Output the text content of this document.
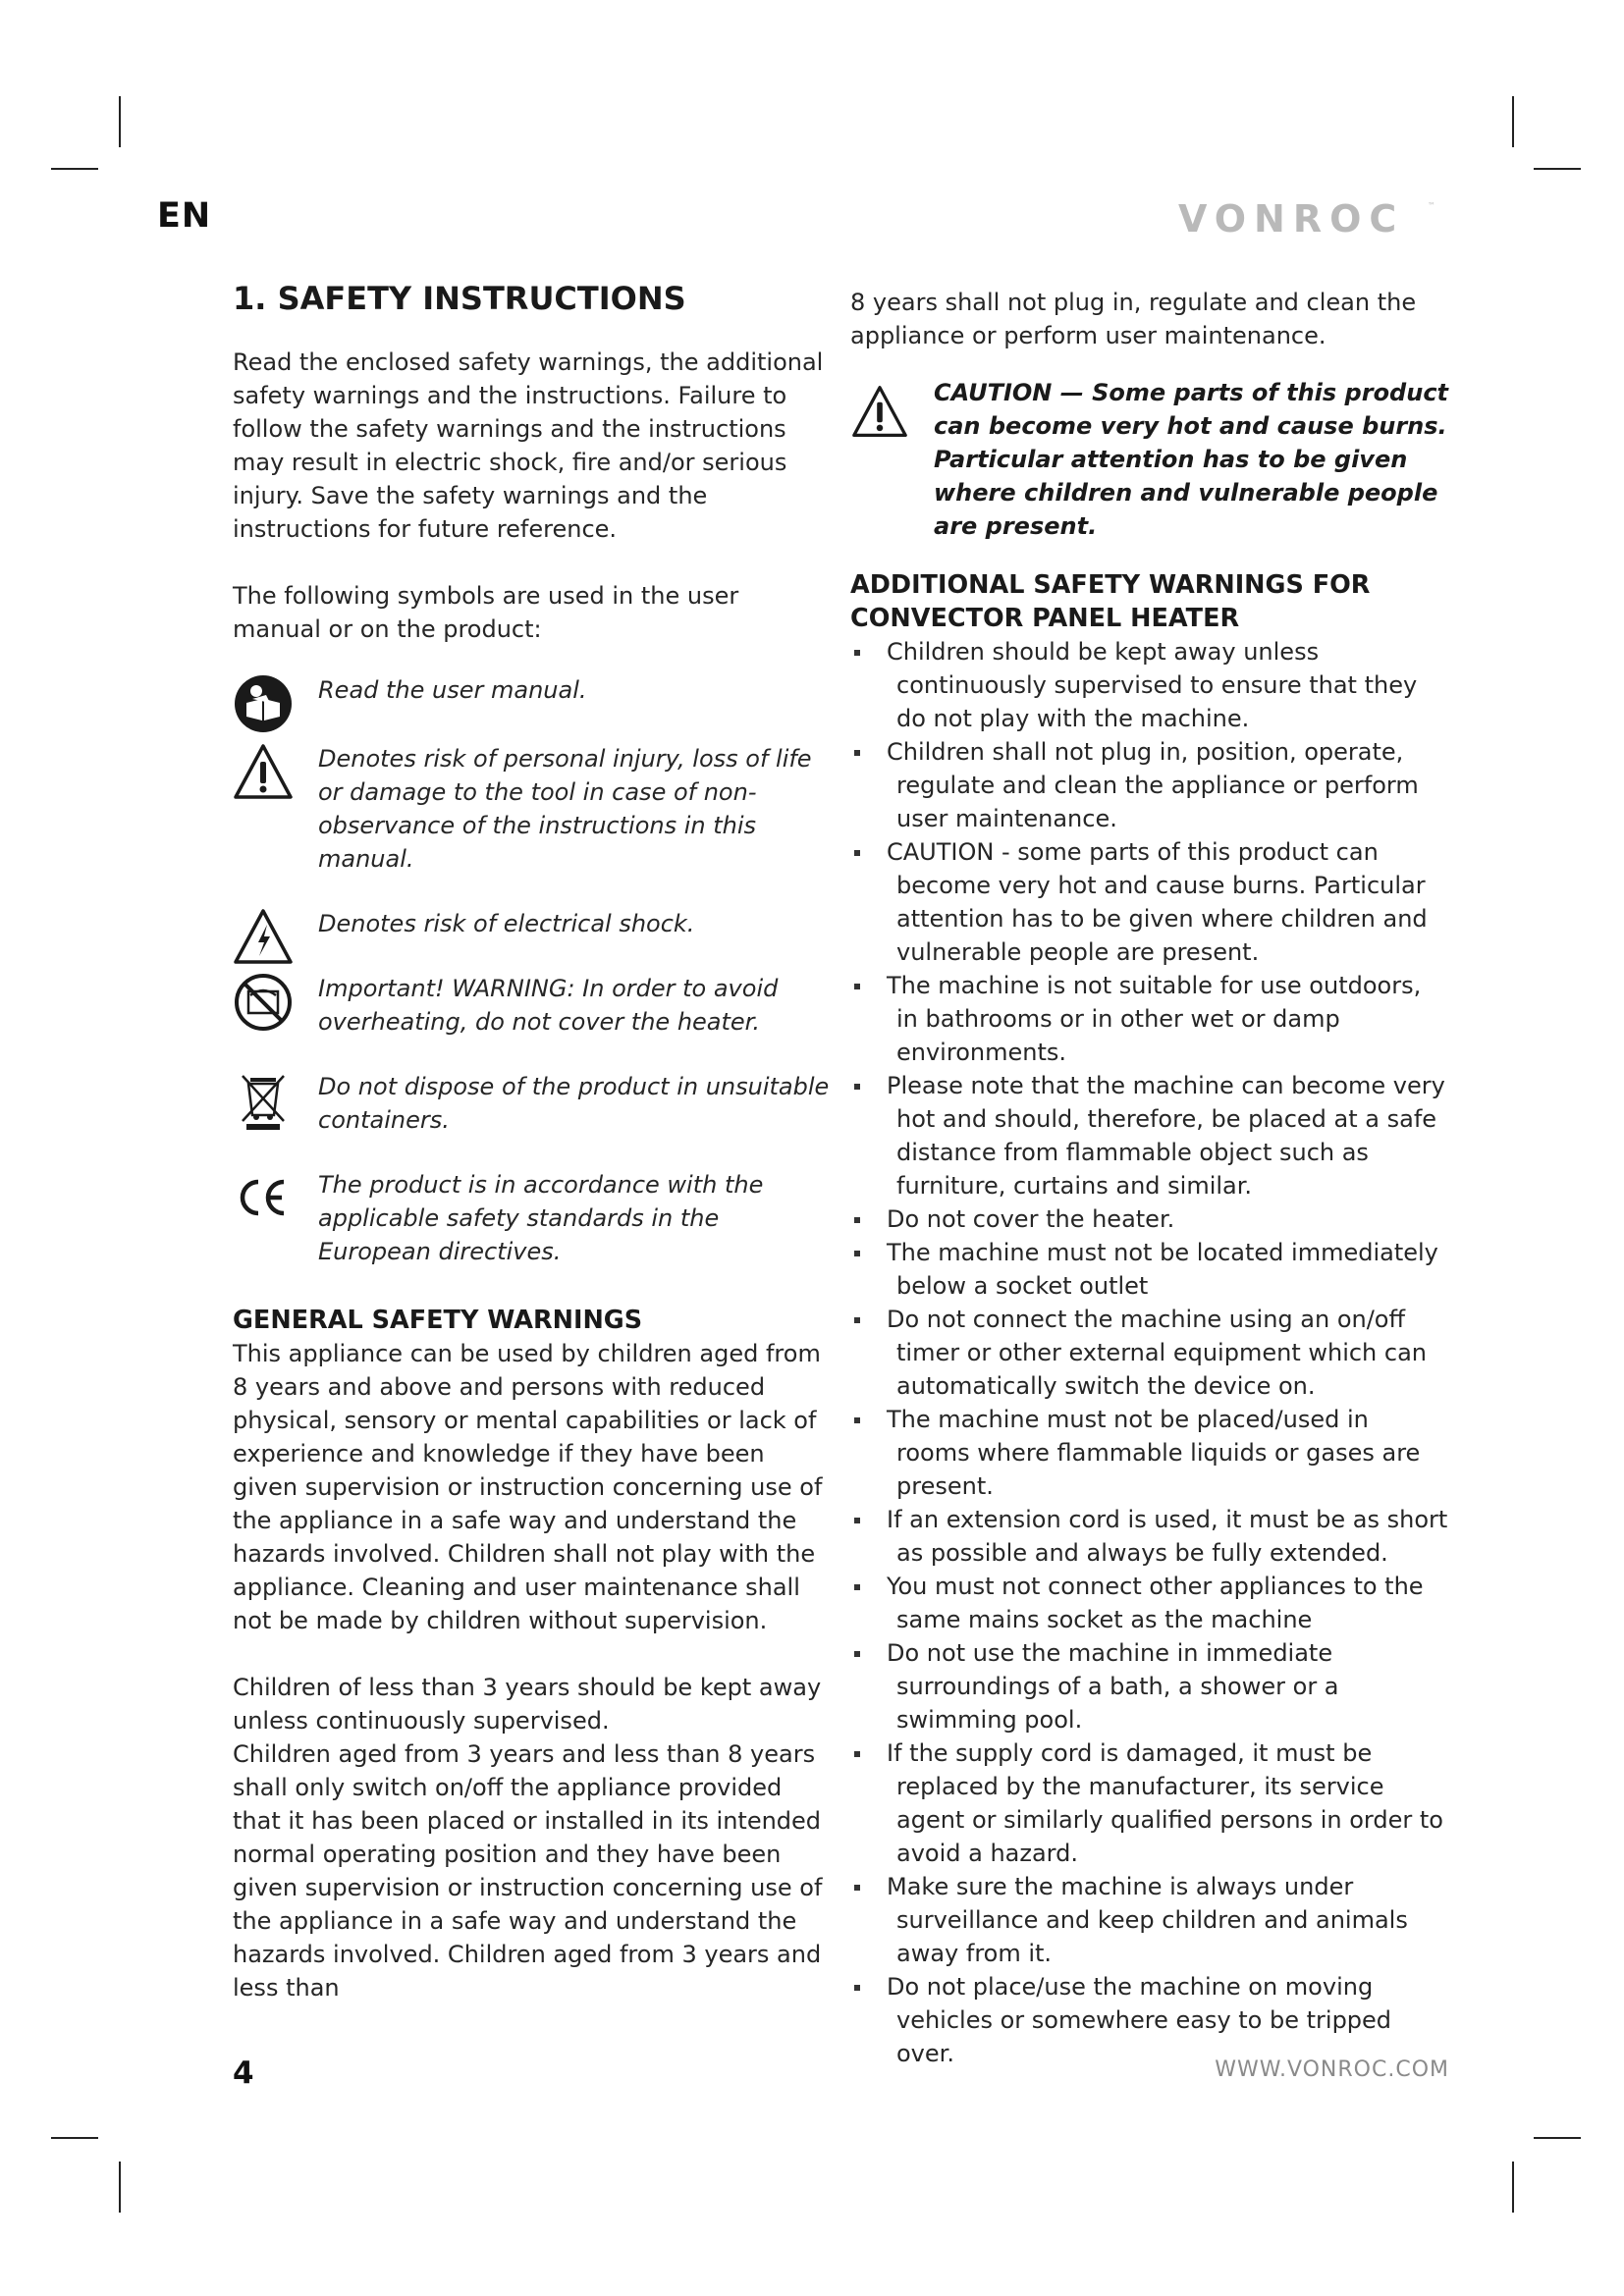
EN	VONROC	™
1. SAFETY INSTRUCTIONS

Read the enclosed safety warnings, the additional safety warnings and the instructions. Failure to follow the safety warnings and the instructions may result in electric shock, fire and/or serious injury. Save the safety warnings and the instructions for future reference.

The following symbols are used in the user manual or on the product:

Read the user manual.
Denotes risk of personal injury, loss of life or damage to the tool in case of non-observance of the instructions in this manual.
Denotes risk of electrical shock.
Important! WARNING: In order to avoid overheating, do not cover the heater.
Do not dispose of the product in unsuitable containers.
The product is in accordance with the applicable safety standards in the European directives.
GENERAL SAFETY WARNINGS

This appliance can be used by children aged from 8 years and above and persons with reduced physical, sensory or mental capabilities or lack of experience and knowledge if they have been given supervision or instruction concerning use of the appliance in a safe way and understand the hazards involved. Children shall not play with the appliance. Cleaning and user maintenance shall not be made by children without supervision.

Children of less than 3 years should be kept away unless continuously supervised.

Children aged from 3 years and less than 8 years shall only switch on/off the appliance provided that it has been placed or installed in its intended normal operating position and they have been given supervision or instruction concerning use of the appliance in a safe way and understand the hazards involved. Children aged from 3 years and less than

8 years shall not plug in, regulate and clean the appliance or perform user maintenance.

CAUTION — Some parts of this product can become very hot and cause burns. Particular attention has to be given where children and vulnerable people are present.
ADDITIONAL SAFETY WARNINGS FOR CONVECTOR PANEL HEATER
Children should be kept away unless continuously supervised to ensure that they do not play with the machine.
Children shall not plug in, position, operate, regulate and clean the appliance or perform user maintenance.
CAUTION - some parts of this product can become very hot and cause burns. Particular attention has to be given where children and vulnerable people are present.
The machine is not suitable for use outdoors, in bathrooms or in other wet or damp environments.
Please note that the machine can become very hot and should, therefore, be placed at a safe distance from flammable object such as furniture, curtains and similar.
Do not cover the heater.
The machine must not be located immediately below a socket outlet
Do not connect the machine using an on/off timer or other external equipment which can automatically switch the device on.
The machine must not be placed/used in rooms where flammable liquids or gases are present.
If an extension cord is used, it must be as short as possible and always be fully extended.
You must not connect other appliances to the same mains socket as the machine
Do not use the machine in immediate surroundings of a bath, a shower or a swimming pool.
If the supply cord is damaged, it must be replaced by the manufacturer, its service agent or similarly qualified persons in order to avoid a hazard.
Make sure the machine is always under surveillance and keep children and animals away from it.
Do not place/use the machine on moving vehicles or somewhere easy to be tripped over.
4	WWW.VONROC.COM
